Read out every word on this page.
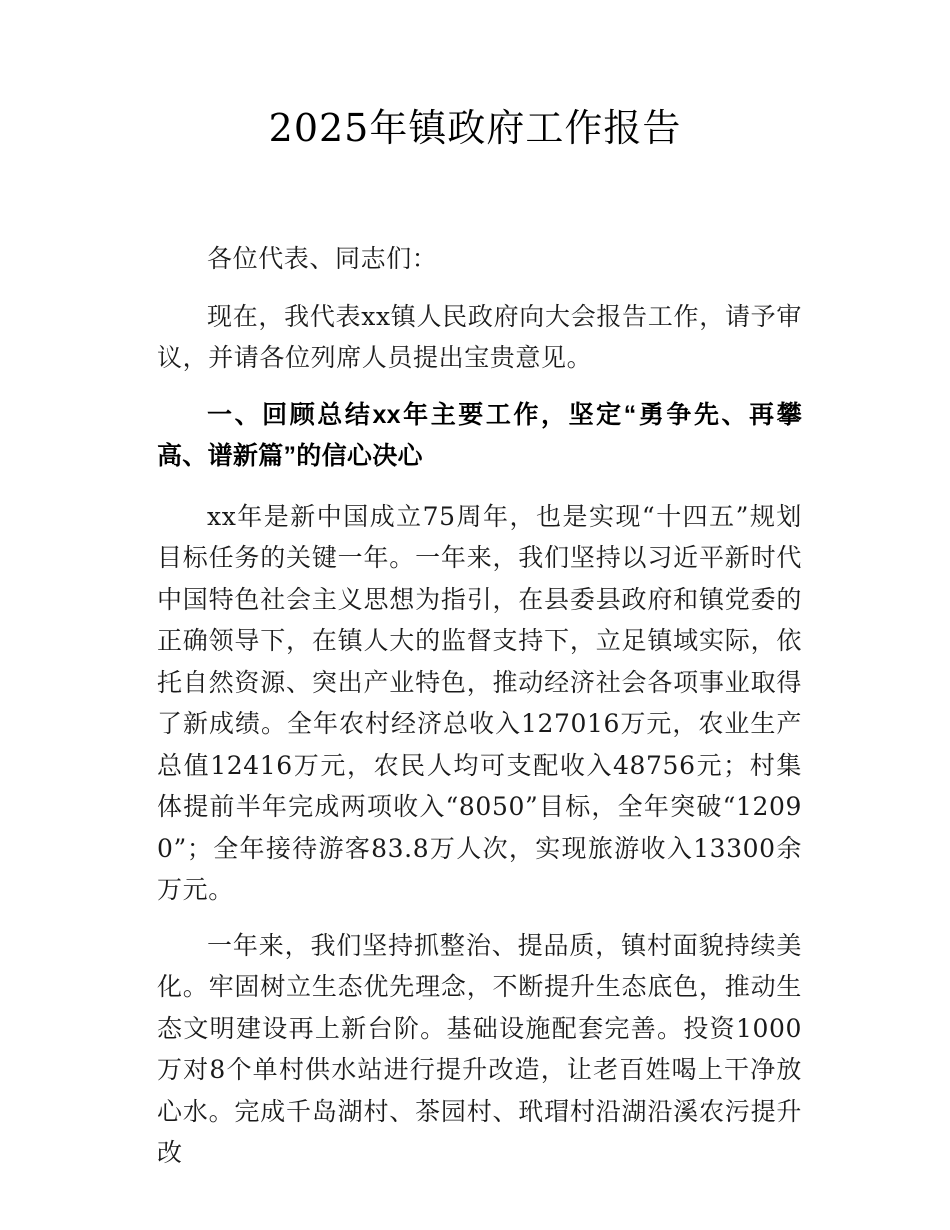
2025年镇政府工作报告

各位代表、同志们：

现在，我代表xx镇人民政府向大会报告工作，请予审议，并请各位列席人员提出宝贵意见。

一、回顾总结xx年主要工作，坚定“勇争先、再攀高、谱新篇”的信心决心

xx年是新中国成立75周年，也是实现“十四五”规划目标任务的关键一年。一年来，我们坚持以习近平新时代中国特色社会主义思想为指引，在县委县政府和镇党委的正确领导下，在镇人大的监督支持下，立足镇域实际，依托自然资源、突出产业特色，推动经济社会各项事业取得了新成绩。全年农村经济总收入127016万元，农业生产总值12416万元，农民人均可支配收入48756元；村集体提前半年完成两项收入“8050”目标，全年突破“12090”；全年接待游客83.8万人次，实现旅游收入13300余万元。

一年来，我们坚持抓整治、提品质，镇村面貌持续美化。牢固树立生态优先理念，不断提升生态底色，推动生态文明建设再上新台阶。基础设施配套完善。投资1000万对8个单村供水站进行提升改造，让老百姓喝上干净放心水。完成千岛湖村、茶园村、玳瑁村沿湖沿溪农污提升改
